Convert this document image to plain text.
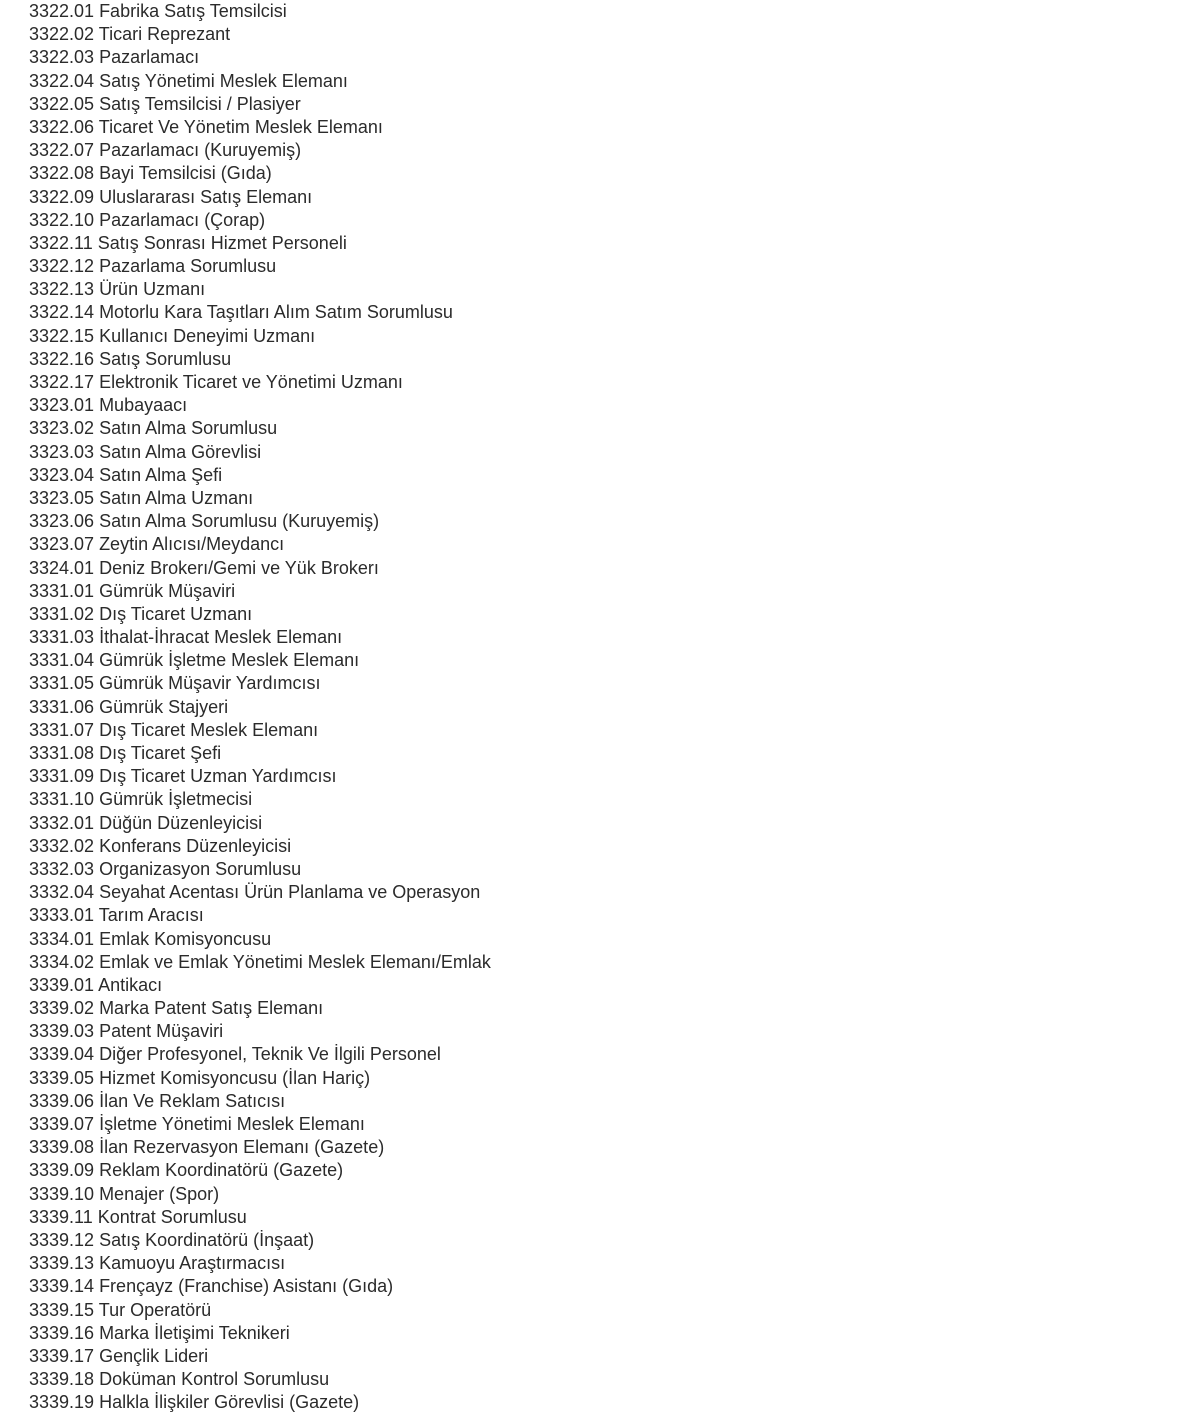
3322.01 Fabrika Satış Temsilcisi
3322.02 Ticari Reprezant
3322.03 Pazarlamacı
3322.04 Satış Yönetimi Meslek Elemanı
3322.05 Satış Temsilcisi / Plasiyer
3322.06 Ticaret Ve Yönetim Meslek Elemanı
3322.07 Pazarlamacı (Kuruyemiş)
3322.08 Bayi Temsilcisi (Gıda)
3322.09 Uluslararası Satış Elemanı
3322.10 Pazarlamacı (Çorap)
3322.11 Satış Sonrası Hizmet Personeli
3322.12 Pazarlama Sorumlusu
3322.13 Ürün Uzmanı
3322.14 Motorlu Kara Taşıtları Alım Satım Sorumlusu
3322.15 Kullanıcı Deneyimi Uzmanı
3322.16 Satış Sorumlusu
3322.17 Elektronik Ticaret ve Yönetimi Uzmanı
3323.01 Mubayaacı
3323.02 Satın Alma Sorumlusu
3323.03 Satın Alma Görevlisi
3323.04 Satın Alma Şefi
3323.05 Satın Alma Uzmanı
3323.06 Satın Alma Sorumlusu (Kuruyemiş)
3323.07 Zeytin Alıcısı/Meydancı
3324.01 Deniz Brokerı/Gemi ve Yük Brokerı
3331.01 Gümrük Müşaviri
3331.02 Dış Ticaret Uzmanı
3331.03 İthalat-İhracat Meslek Elemanı
3331.04 Gümrük İşletme Meslek Elemanı
3331.05 Gümrük Müşavir Yardımcısı
3331.06 Gümrük Stajyeri
3331.07 Dış Ticaret Meslek Elemanı
3331.08 Dış Ticaret Şefi
3331.09 Dış Ticaret Uzman Yardımcısı
3331.10 Gümrük İşletmecisi
3332.01 Düğün Düzenleyicisi
3332.02 Konferans Düzenleyicisi
3332.03 Organizasyon Sorumlusu
3332.04 Seyahat Acentası Ürün Planlama ve Operasyon
3333.01 Tarım Aracısı
3334.01 Emlak Komisyoncusu
3334.02 Emlak ve Emlak Yönetimi Meslek Elemanı/Emlak
3339.01 Antikacı
3339.02 Marka Patent Satış Elemanı
3339.03 Patent Müşaviri
3339.04 Diğer Profesyonel, Teknik Ve İlgili Personel
3339.05 Hizmet Komisyoncusu (İlan Hariç)
3339.06 İlan Ve Reklam Satıcısı
3339.07 İşletme Yönetimi Meslek Elemanı
3339.08 İlan Rezervasyon Elemanı (Gazete)
3339.09 Reklam Koordinatörü (Gazete)
3339.10 Menajer (Spor)
3339.11 Kontrat Sorumlusu
3339.12 Satış Koordinatörü (İnşaat)
3339.13 Kamuoyu Araştırmacısı
3339.14 Frençayz (Franchise) Asistanı (Gıda)
3339.15 Tur Operatörü
3339.16 Marka İletişimi Teknikeri
3339.17 Gençlik Lideri
3339.18 Doküman Kontrol Sorumlusu
3339.19 Halkla İlişkiler Görevlisi (Gazete)
